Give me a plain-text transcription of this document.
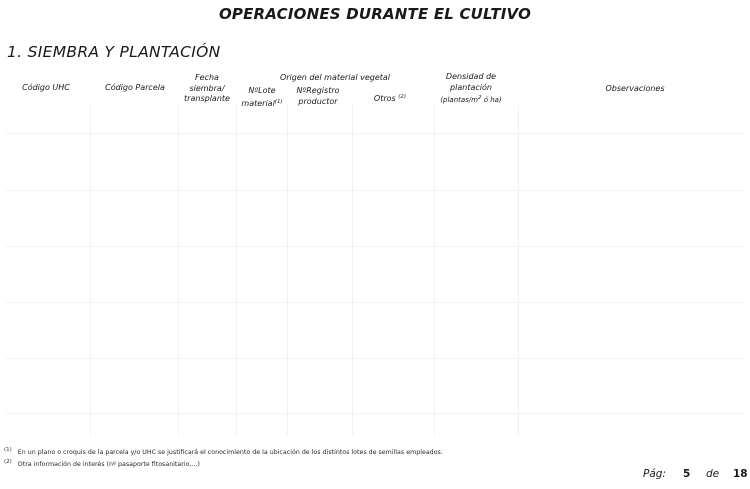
OPERACIONES DURANTE EL CULTIVO
1. SIEMBRA Y PLANTACIÓN
Código UHC	Código Parcela
Fecha
siembra/
transplante
Origen del material vegetal
NºLote
material$^{(1)}$
NºRegistro
productor	Otros $^{(2)}$
Densidad de
plantación
($plantas/m^2$ ó ha)
Observaciones
$^{(1)}$ En un plano o croquis de la parcela y/o UHC se justificará el conocimiento de la ubicación de los distintos lotes de semillas empleados.
$^{(2)}$ Otra información de interés (nº pasaporte fitosanitario,...)
Pág: 5 de 18
